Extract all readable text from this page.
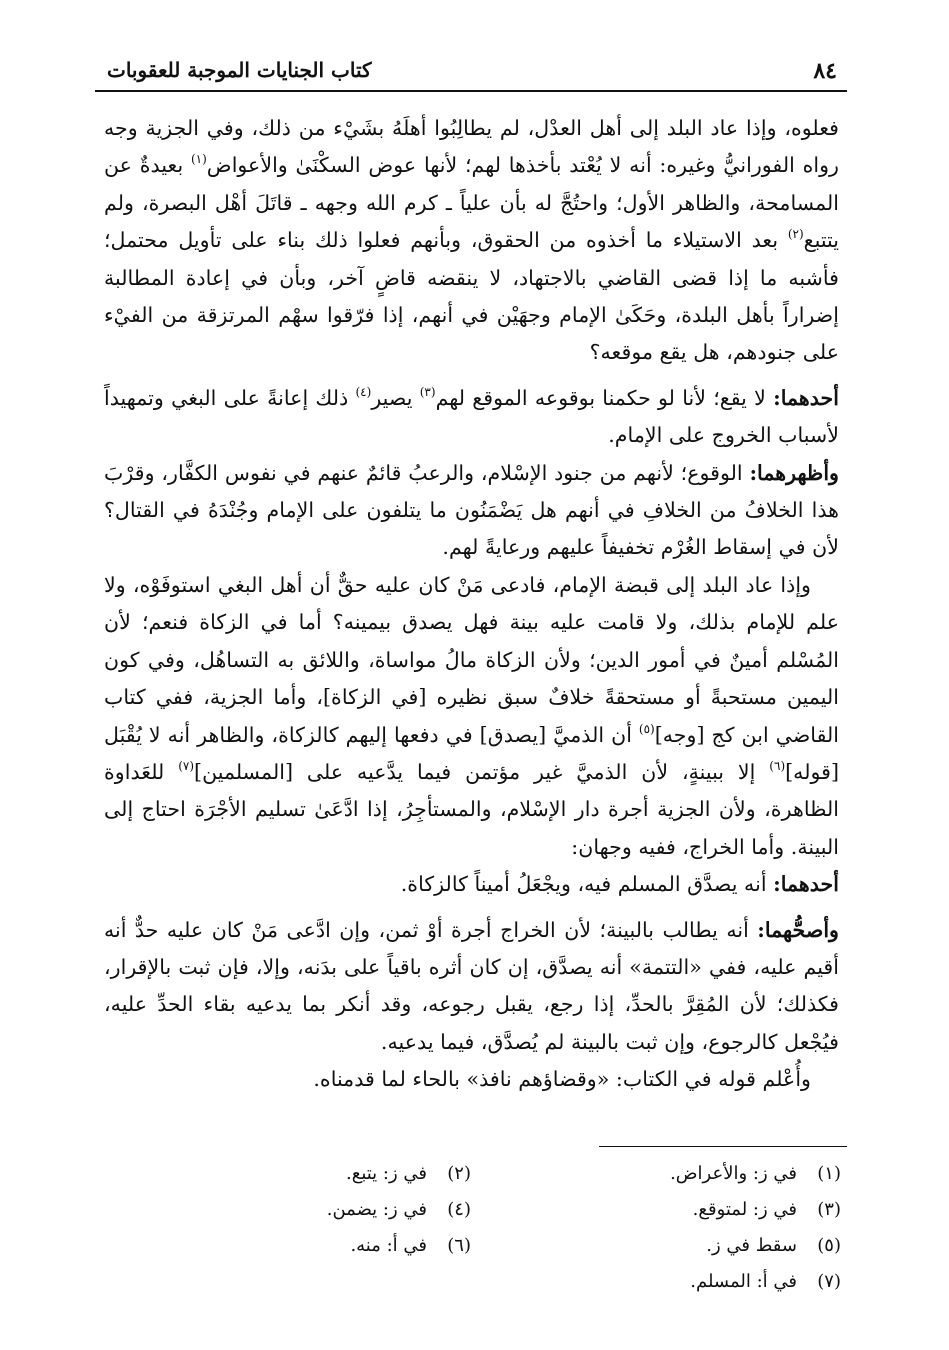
٨٤
كتاب الجنايات الموجبة للعقوبات

فعلوه، وإذا عاد البلد إلى أهل العدْل، لم يطالِبُوا أهلَهُ بشَيْء من ذلك، وفي الجزية وجه رواه الفورانيُّ وغيره: أنه لا يُعْتد بأخذها لهم؛ لأنها عوض السكْنَىٰ والأعواض$^{(١)}$ بعيدةٌ عن المسامحة، والظاهر الأول؛ واحتُجَّ له بأن علياً ـ كرم الله وجهه ـ قاتَلَ أهْل البصرة، ولم يتتبع$^{(٢)}$ بعد الاستيلاء ما أخذوه من الحقوق، وبأنهم فعلوا ذلك بناء على تأويل محتمل؛ فأشبه ما إذا قضى القاضي بالاجتهاد، لا ينقضه قاضٍ آخر، وبأن في إعادة المطالبة إضراراً بأهل البلدة، وحَكَىٰ الإمام وجهَيْن في أنهم، إذا فرّقوا سهْم المرتزقة من الفيْء على جنودهم، هل يقع موقعه؟

أحدهما: لا يقع؛ لأنا لو حكمنا بوقوعه الموقع لهم$^{(٣)}$ يصير$^{(٤)}$ ذلك إعانةً على البغي وتمهيداً لأسباب الخروج على الإمام.

وأظهرهما: الوقوع؛ لأنهم من جنود الإسْلام، والرعبُ قائمٌ عنهم في نفوس الكفَّار، وقرْبَ هذا الخلافُ من الخلافِ في أنهم هل يَضْمَنُون ما يتلفون على الإمام وجُنْدَهُ في القتال؟ لأن في إسقاط الغُرْم تخفيفاً عليهم ورعايةً لهم.

وإذا عاد البلد إلى قبضة الإمام، فادعى مَنْ كان عليه حقٌّ أن أهل البغي استوفَوْه، ولا علم للإمام بذلك، ولا قامت عليه بينة فهل يصدق بيمينه؟ أما في الزكاة فنعم؛ لأن المُسْلم أمينٌ في أمور الدين؛ ولأن الزكاة مالُ مواساة، واللائق به التساهُل، وفي كون اليمين مستحبةً أو مستحقةً خلافٌ سبق نظيره [في الزكاة]، وأما الجزية، ففي كتاب القاضي ابن كج [وجه]$^{(٥)}$ أن الذميَّ [يصدق] في دفعها إليهم كالزكاة، والظاهر أنه لا يُقْبَل [قوله]$^{(٦)}$ إلا ببينةٍ، لأن الذميَّ غير مؤتمن فيما يدَّعيه على [المسلمين]$^{(٧)}$ للعَداوة الظاهرة، ولأن الجزية أجرة دار الإسْلام، والمستأجِرُ، إذا ادَّعَىٰ تسليم الأجْرَة احتاج إلى البينة. وأما الخراج، ففيه وجهان:

أحدهما: أنه يصدَّق المسلم فيه، ويجْعَلُ أميناً كالزكاة.

وأصحُّهما: أنه يطالب بالبينة؛ لأن الخراج أجرة أوْ ثمن، وإن ادَّعى مَنْ كان عليه حدٌّ أنه أقيم عليه، ففي «التتمة» أنه يصدَّق، إن كان أثره باقياً على بدَنه، وإلا، فإن ثبت بالإقرار، فكذلك؛ لأن المُقِرَّ بالحدِّ، إذا رجع، يقبل رجوعه، وقد أنكر بما يدعيه بقاء الحدِّ عليه، فيُجْعل كالرجوع، وإن ثبت بالبينة لم يُصدَّق، فيما يدعيه.

وأُعْلم قوله في الكتاب: «وقضاؤهم نافذ» بالحاء لما قدمناه.

(١)في ز: والأعراض.
(٣)في ز: لمتوقع.
(٥)سقط في ز.
(٧)في أ: المسلم.
(٢)في ز: يتبع.
(٤)في ز: يضمن.
(٦)في أ: منه.
